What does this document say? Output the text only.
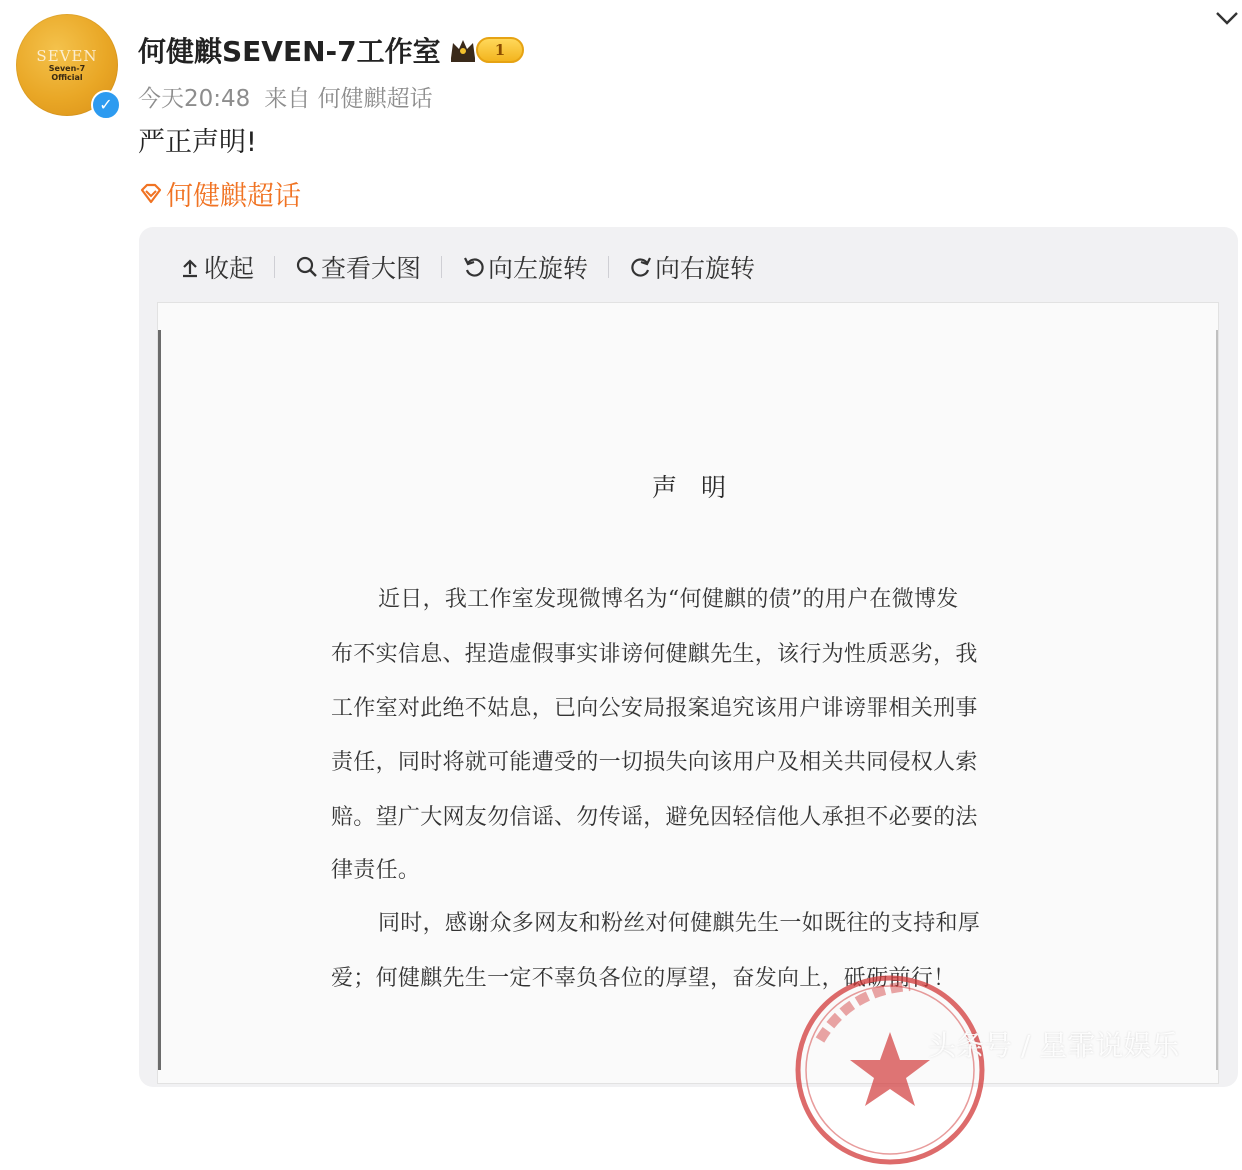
SEVEN
Seven-7
Official
✓
何健麒SEVEN-7工作室	1
今天20:48 来自 何健麒超话
严正声明!
何健麒超话
收起	查看大图	向左旋转	向右旋转
声明
近日，我工作室发现微博名为“何健麒的债”的用户在微博发
布不实信息、捏造虚假事实诽谤何健麒先生，该行为性质恶劣，我
工作室对此绝不姑息，已向公安局报案追究该用户诽谤罪相关刑事
责任，同时将就可能遭受的一切损失向该用户及相关共同侵权人索
赔。望广大网友勿信谣、勿传谣，避免因轻信他人承担不必要的法
律责任。
同时，感谢众多网友和粉丝对何健麒先生一如既往的支持和厚
爱；何健麒先生一定不辜负各位的厚望，奋发向上，砥砺前行！
头条号 / 星霏说娱乐
